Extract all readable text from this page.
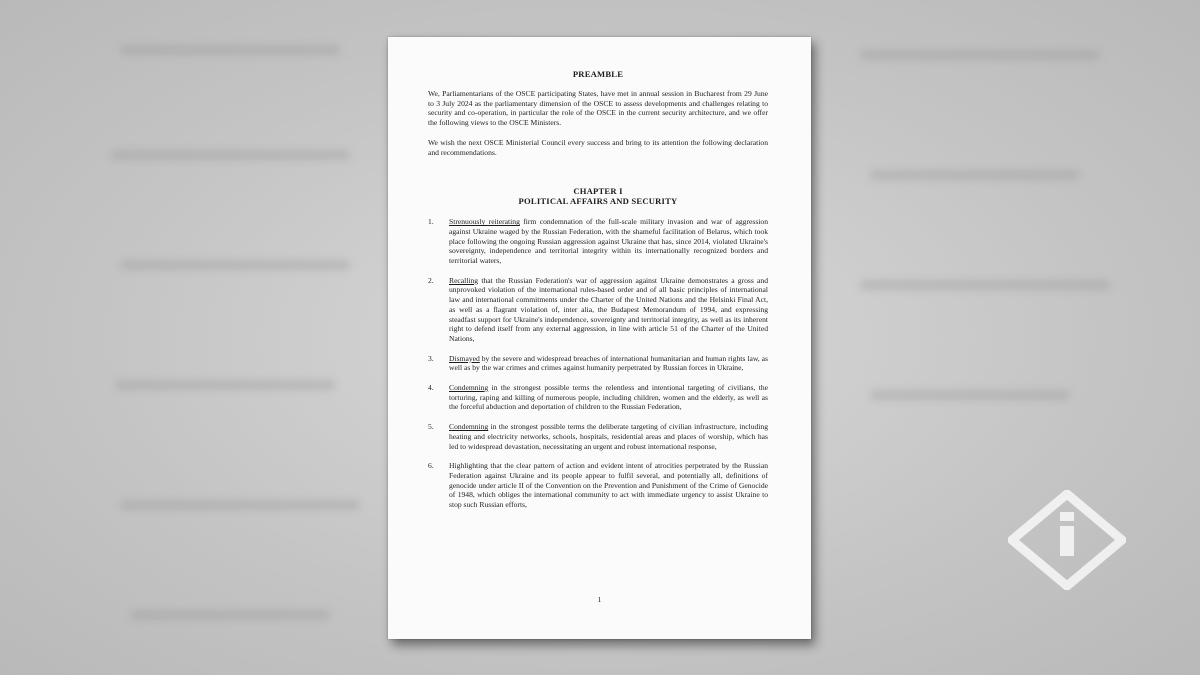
PREAMBLE

We, Parliamentarians of the OSCE participating States, have met in annual session in Bucharest from 29 June to 3 July 2024 as the parliamentary dimension of the OSCE to assess developments and challenges relating to security and co-operation, in particular the role of the OSCE in the current security architecture, and we offer the following views to the OSCE Ministers.

We wish the next OSCE Ministerial Council every success and bring to its attention the following declaration and recommendations.

CHAPTER I
POLITICAL AFFAIRS AND SECURITY
1. Strenuously reiterating firm condemnation of the full-scale military invasion and war of aggression against Ukraine waged by the Russian Federation, with the shameful facilitation of Belarus, which took place following the ongoing Russian aggression against Ukraine that has, since 2014, violated Ukraine's sovereignty, independence and territorial integrity within its internationally recognized borders and territorial waters,
2. Recalling that the Russian Federation's war of aggression against Ukraine demonstrates a gross and unprovoked violation of the international rules-based order and of all basic principles of international law and international commitments under the Charter of the United Nations and the Helsinki Final Act, as well as a flagrant violation of, inter alia, the Budapest Memorandum of 1994, and expressing steadfast support for Ukraine's independence, sovereignty and territorial integrity, as well as its inherent right to defend itself from any external aggression, in line with article 51 of the Charter of the United Nations,
3. Dismayed by the severe and widespread breaches of international humanitarian and human rights law, as well as by the war crimes and crimes against humanity perpetrated by Russian forces in Ukraine,
4. Condemning in the strongest possible terms the relentless and intentional targeting of civilians, the torturing, raping and killing of numerous people, including children, women and the elderly, as well as the forceful abduction and deportation of children to the Russian Federation,
5. Condemning in the strongest possible terms the deliberate targeting of civilian infrastructure, including heating and electricity networks, schools, hospitals, residential areas and places of worship, which has led to widespread devastation, necessitating an urgent and robust international response,
6. Highlighting that the clear pattern of action and evident intent of atrocities perpetrated by the Russian Federation against Ukraine and its people appear to fulfil several, and potentially all, definitions of genocide under article II of the Convention on the Prevention and Punishment of the Crime of Genocide of 1948, which obliges the international community to act with immediate urgency to assist Ukraine to stop such Russian efforts,
1
